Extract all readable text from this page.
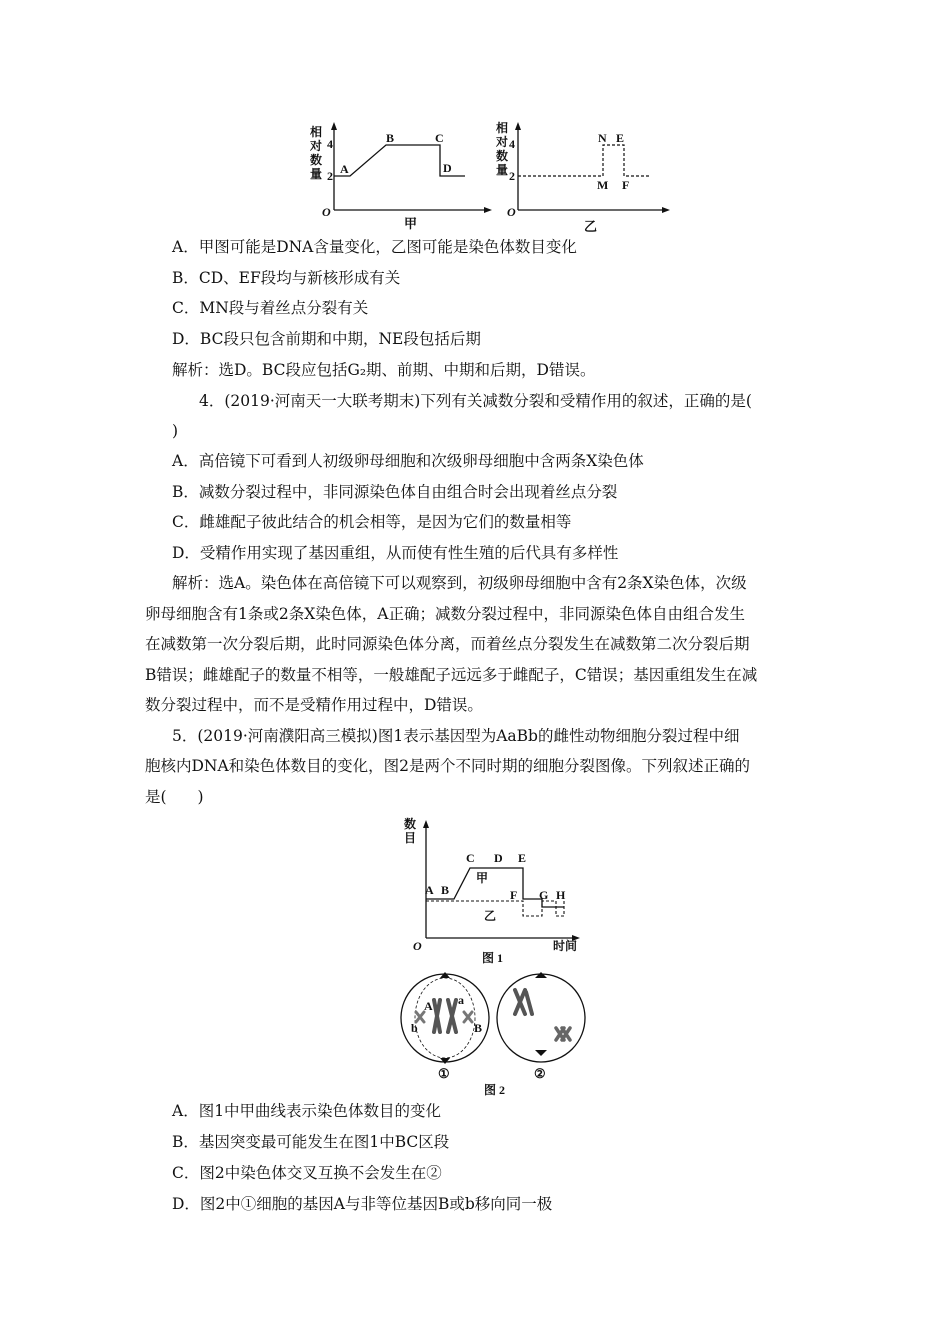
相
对
数
量
4
2
O
A
B	C
D
甲
相
对
数
量
4
2
O
N E
M F
乙
A．甲图可能是DNA含量变化，乙图可能是染色体数目变化
B．CD、EF段均与新核形成有关
C．MN段与着丝点分裂有关
D．BC段只包含前期和中期，NE段包括后期
解析：选D。BC段应包括G₂期、前期、中期和后期，D错误。
4．(2019·河南天一大联考期末)下列有关减数分裂和受精作用的叙述，正确的是(
)
A．高倍镜下可看到人初级卵母细胞和次级卵母细胞中含两条X染色体
B．减数分裂过程中，非同源染色体自由组合时会出现着丝点分裂
C．雌雄配子彼此结合的机会相等，是因为它们的数量相等
D．受精作用实现了基因重组，从而使有性生殖的后代具有多样性
解析：选A。染色体在高倍镜下可以观察到，初级卵母细胞中含有2条X染色体，次级
卵母细胞含有1条或2条X染色体，A正确；减数分裂过程中，非同源染色体自由组合发生
在减数第一次分裂后期，此时同源染色体分离，而着丝点分裂发生在减数第二次分裂后期
B错误；雌雄配子的数量不相等，一般雄配子远远多于雌配子，C错误；基因重组发生在减
数分裂过程中，而不是受精作用过程中，D错误。
5．(2019·河南濮阳高三模拟)图1表示基因型为AaBb的雌性动物细胞分裂过程中细
胞核内DNA和染色体数目的变化，图2是两个不同时期的细胞分裂图像。下列叙述正确的
是(　　)
数
目
O	时间
A B
C D E
F G H
甲
乙
图 1
A a
b	B
①	②
图 2
A．图1中甲曲线表示染色体数目的变化
B．基因突变最可能发生在图1中BC区段
C．图2中染色体交叉互换不会发生在②
D．图2中①细胞的基因A与非等位基因B或b移向同一极
